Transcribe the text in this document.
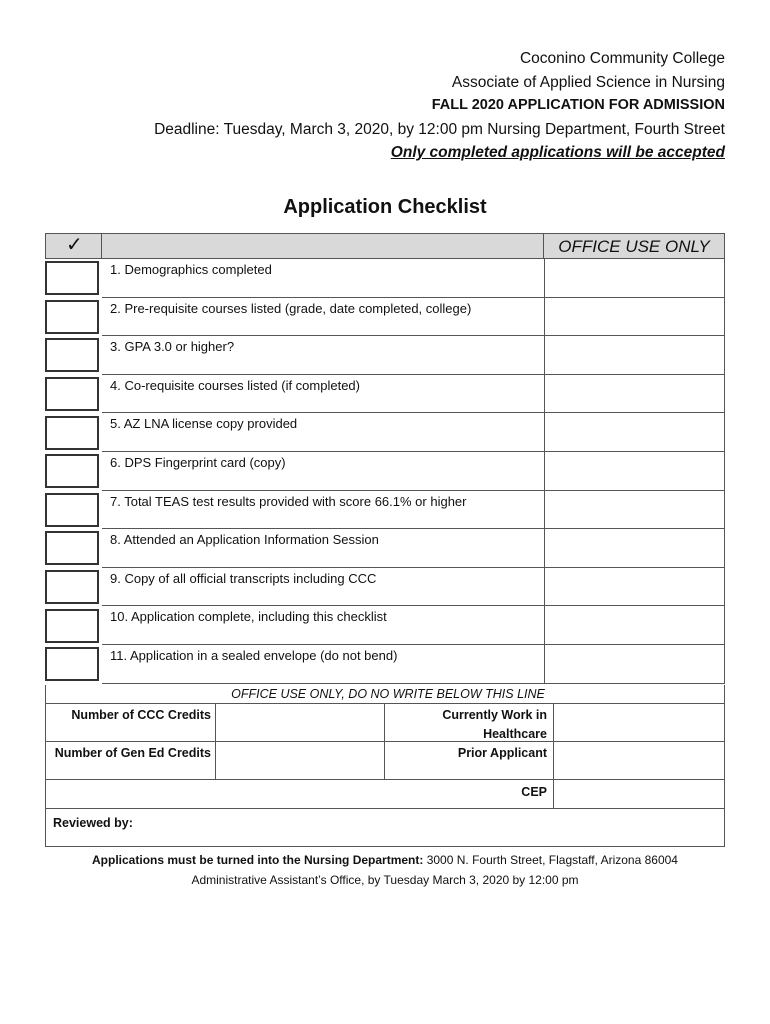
Coconino Community College
Associate of Applied Science in Nursing
FALL 2020 APPLICATION FOR ADMISSION
Deadline: Tuesday, March 3, 2020, by 12:00 pm Nursing Department, Fourth Street
Only completed applications will be accepted
Application Checklist
✓	OFFICE USE ONLY
1. Demographics completed
2. Pre-requisite courses listed (grade, date completed, college)
3. GPA 3.0 or higher?
4. Co-requisite courses listed (if completed)
5. AZ LNA license copy provided
6. DPS Fingerprint card (copy)
7. Total TEAS test results provided with score 66.1% or higher
8. Attended an Application Information Session
9. Copy of all official transcripts including CCC
10. Application complete, including this checklist
11. Application in a sealed envelope (do not bend)
OFFICE USE ONLY, DO NO WRITE BELOW THIS LINE
Number of CCC Credits	Currently Work in Healthcare
Number of Gen Ed Credits	Prior Applicant
CEP
Reviewed by:
Applications must be turned into the Nursing Department: 3000 N. Fourth Street, Flagstaff, Arizona 86004
Administrative Assistant’s Office, by Tuesday March 3, 2020 by 12:00 pm
